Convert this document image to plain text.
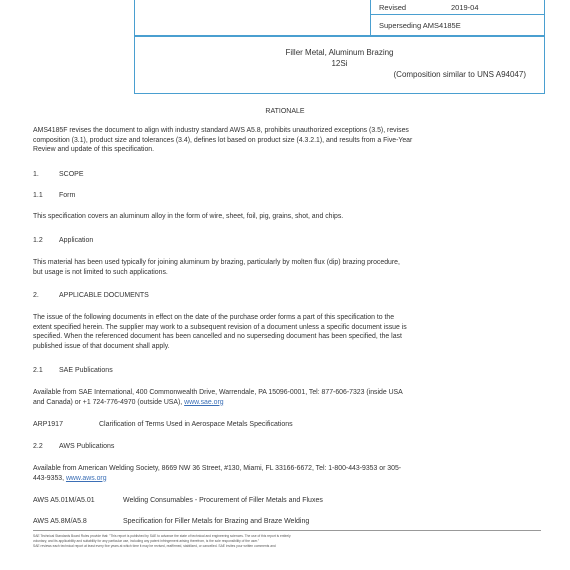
Revised	2019-04
Superseding AMS4185E
Filler Metal, Aluminum Brazing
12Si
(Composition similar to UNS A94047)
RATIONALE
AMS4185F revises the document to align with industry standard AWS A5.8, prohibits unauthorized exceptions (3.5), revises
composition (3.1), product size and tolerances (3.4), defines lot based on product size (4.3.2.1), and results from a Five-Year
Review and update of this specification.
1.	SCOPE
1.1 Form
This specification covers an aluminum alloy in the form of wire, sheet, foil, pig, grains, shot, and chips.
1.2 Application
This material has been used typically for joining aluminum by brazing, particularly by molten flux (dip) brazing procedure,
but usage is not limited to such applications.
2.	APPLICABLE DOCUMENTS
The issue of the following documents in effect on the date of the purchase order forms a part of this specification to the
extent specified herein. The supplier may work to a subsequent revision of a document unless a specific document issue is
specified. When the referenced document has been cancelled and no superseding document has been specified, the last
published issue of that document shall apply.
2.1 SAE Publications
Available from SAE International, 400 Commonwealth Drive, Warrendale, PA 15096-0001, Tel: 877-606-7323 (inside USA
and Canada) or +1 724-776-4970 (outside USA), www.sae.org
ARP1917	Clarification of Terms Used in Aerospace Metals Specifications
2.2 AWS Publications
Available from American Welding Society, 8669 NW 36 Street, #130, Miami, FL 33166-6672, Tel: 1-800-443-9353 or 305-
443-9353, www.aws.org
AWS A5.01M/A5.01	Welding Consumables - Procurement of Filler Metals and Fluxes
AWS A5.8M/A5.8	Specification for Filler Metals for Brazing and Braze Welding
SAE Technical Standards Board Rules provide that: "This report is published by SAE to advance the state of technical and engineering sciences. The use of this report is entirely
voluntary, and its applicability and suitability for any particular use, including any patent infringement arising therefrom, is the sole responsibility of the user."
SAE reviews each technical report at least every five years at which time it may be revised, reaffirmed, stabilized, or cancelled. SAE invites your written comments and
